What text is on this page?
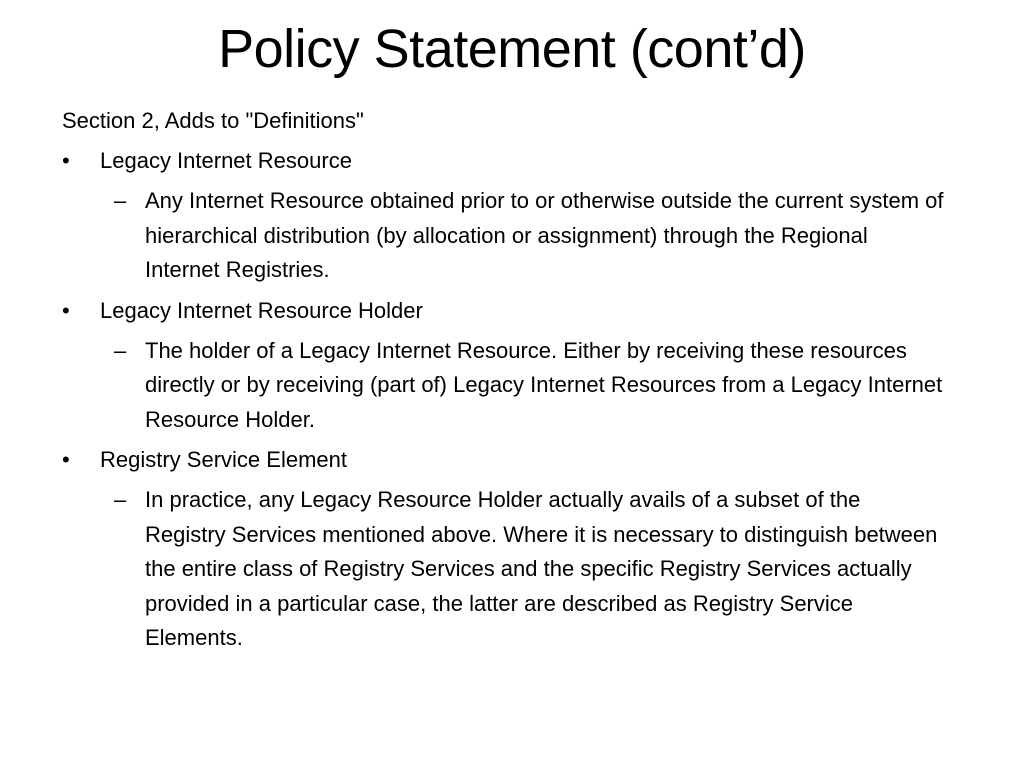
Policy Statement (cont’d)
Section 2, Adds to "Definitions"
•	Legacy Internet Resource
– Any Internet Resource obtained prior to or otherwise outside the current system of hierarchical distribution (by allocation or assignment) through the Regional Internet Registries.
•	Legacy Internet Resource Holder
– The holder of a Legacy Internet Resource. Either by receiving these resources directly or by receiving (part of) Legacy Internet Resources from a Legacy Internet Resource Holder.
•	Registry Service Element
– In practice, any Legacy Resource Holder actually avails of a subset of the Registry Services mentioned above. Where it is necessary to distinguish between the entire class of Registry Services and the specific Registry Services actually provided in a particular case, the latter are described as Registry Service Elements.
